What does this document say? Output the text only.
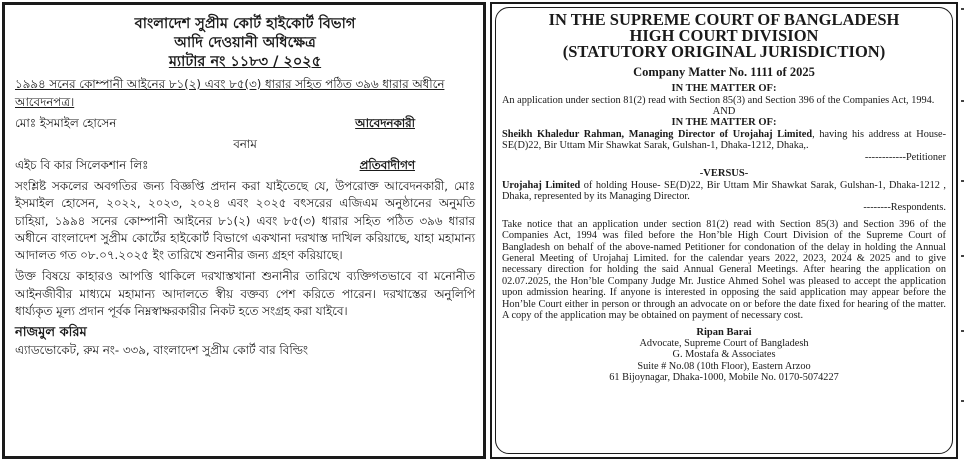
বাংলাদেশ সুপ্রীম কোর্ট হাইকোর্ট বিভাগ
আদি দেওয়ানী অধিক্ষেত্র
ম্যাটার নং ১১৮৩ / ২০২৫

১৯৯৪ সনের কোম্পানী আইনের ৮১(২) এবং ৮৫(৩) ধারার সহিত পঠিত ৩৯৬ ধারার অধীনে আবেদনপত্র।

মোঃ ইসমাইল হোসেন	আবেদনকারী
বনাম
এইচ বি কার সিলেকশান লিঃ	প্রতিবাদীগণ

সংশ্লিষ্ট সকলের অবগতির জন্য বিজ্ঞপ্তি প্রদান করা যাইতেছে যে, উপরোক্ত আবেদনকারী, মোঃ ইসমাইল হোসেন, ২০২২, ২০২৩, ২০২৪ এবং ২০২৫ বৎসরের এজিএম অনুষ্ঠানের অনুমতি চাহিয়া, ১৯৯৪ সনের কোম্পানী আইনের ৮১(২) এবং ৮৫(৩) ধারার সহিত পঠিত ৩৯৬ ধারার অধীনে বাংলাদেশ সুপ্রীম কোর্টের হাইকোর্ট বিভাগে একখানা দরখাস্ত দাখিল করিয়াছে, যাহা মহামান্য আদালত গত ০৮.০৭.২০২৫ ইং তারিখে শুনানীর জন্য গ্রহণ করিয়াছে।

উক্ত বিষয়ে কাহারও আপত্তি থাকিলে দরখাস্তখানা শুনানীর তারিখে ব্যক্তিগতভাবে বা মনোনীত আইনজীবীর মাধ্যমে মহামান্য আদালতে স্বীয় বক্তব্য পেশ করিতে পারেন। দরখাস্তের অনুলিপি ধার্য্যকৃত মূল্য প্রদান পূর্বক নিম্নস্বাক্ষরকারীর নিকট হতে সংগ্রহ করা যাইবে।

নাজমুল করিম
এ্যাডভোকেট, রুম নং- ৩৩৯, বাংলাদেশ সুপ্রীম কোর্ট বার বিল্ডিং
IN THE SUPREME COURT OF BANGLADESH
HIGH COURT DIVISION
(STATUTORY ORIGINAL JURISDICTION)
Company Matter No. 1111 of 2025
IN THE MATTER OF:

An application under section 81(2) read with Section 85(3) and Section 396 of the Companies Act, 1994.

AND
IN THE MATTER OF:

Sheikh Khaledur Rahman, Managing Director of Urojahaj Limited, having his address at House- SE(D)22, Bir Uttam Mir Shawkat Sarak, Gulshan-1, Dhaka-1212, Dhaka,.

------------Petitioner
-VERSUS-

Urojahaj Limited of holding House- SE(D)22, Bir Uttam Mir Shawkat Sarak, Gulshan-1, Dhaka-1212 , Dhaka, represented by its Managing Director.

--------Respondents.

Take notice that an application under section 81(2) read with Section 85(3) and Section 396 of the Companies Act, 1994 was filed before the Hon’ble High Court Division of the Supreme Court of Bangladesh on behalf of the above-named Petitioner for condonation of the delay in holding the Annual General Meeting of Urojahaj Limited. for the calendar years 2022, 2023, 2024 & 2025 and to give necessary direction for holding the said Annual General Meetings. After hearing the application on 02.07.2025, the Hon’ble Company Judge Mr. Justice Ahmed Sohel was pleased to accept the application upon admission hearing. If anyone is interested in opposing the said application may appear before the Hon’ble Court either in person or through an advocate on or before the date fixed for hearing of the matter. A copy of the application may be obtained on payment of necessary cost.

Ripan Barai
Advocate, Supreme Court of Bangladesh
G. Mostafa & Associates
Suite # No.08 (10th Floor), Eastern Arzoo
61 Bijoynagar, Dhaka-1000, Mobile No. 0170-5074227
